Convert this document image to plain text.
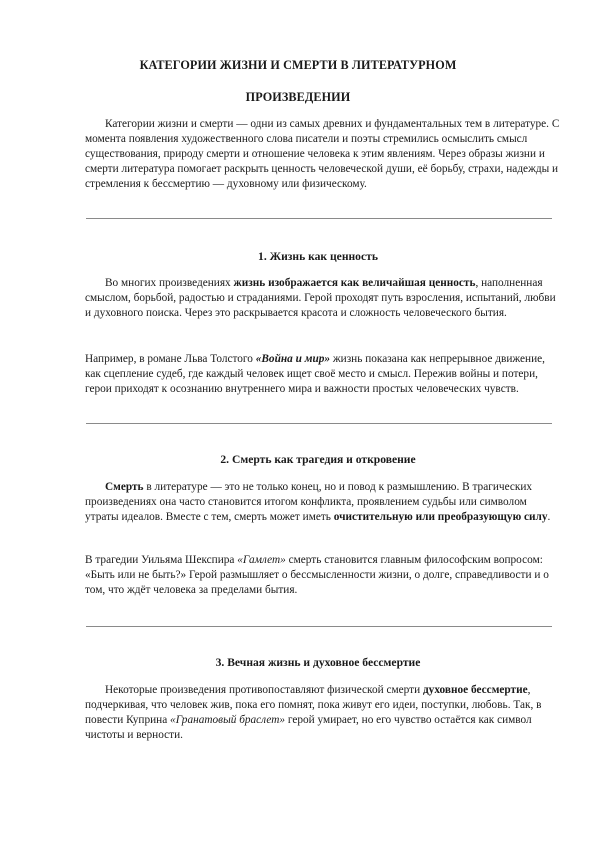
КАТЕГОРИИ ЖИЗНИ И СМЕРТИ В ЛИТЕРАТУРНОМ
ПРОИЗВЕДЕНИИ
Категории жизни и смерти — одни из самых древних и фундаментальных тем в литературе. С момента появления художественного слова писатели и поэты стремились осмыслить смысл существования, природу смерти и отношение человека к этим явлениям. Через образы жизни и смерти литература помогает раскрыть ценность человеческой души, её борьбу, страхи, надежды и стремления к бессмертию — духовному или физическому.
1. Жизнь как ценность
Во многих произведениях жизнь изображается как величайшая ценность, наполненная смыслом, борьбой, радостью и страданиями. Герой проходят путь взросления, испытаний, любви и духовного поиска. Через это раскрывается красота и сложность человеческого бытия.
Например, в романе Льва Толстого «Война и мир» жизнь показана как непрерывное движение, как сцепление судеб, где каждый человек ищет своё место и смысл. Пережив войны и потери, герои приходят к осознанию внутреннего мира и важности простых человеческих чувств.
2. Смерть как трагедия и откровение
Смерть в литературе — это не только конец, но и повод к размышлению. В трагических произведениях она часто становится итогом конфликта, проявлением судьбы или символом утраты идеалов. Вместе с тем, смерть может иметь очистительную или преобразующую силу.
В трагедии Уильяма Шекспира «Гамлет» смерть становится главным философским вопросом: «Быть или не быть?» Герой размышляет о бессмысленности жизни, о долге, справедливости и о том, что ждёт человека за пределами бытия.
3. Вечная жизнь и духовное бессмертие
Некоторые произведения противопоставляют физической смерти духовное бессмертие, подчеркивая, что человек жив, пока его помнят, пока живут его идеи, поступки, любовь. Так, в повести Куприна «Гранатовый браслет» герой умирает, но его чувство остаётся как символ чистоты и верности.
